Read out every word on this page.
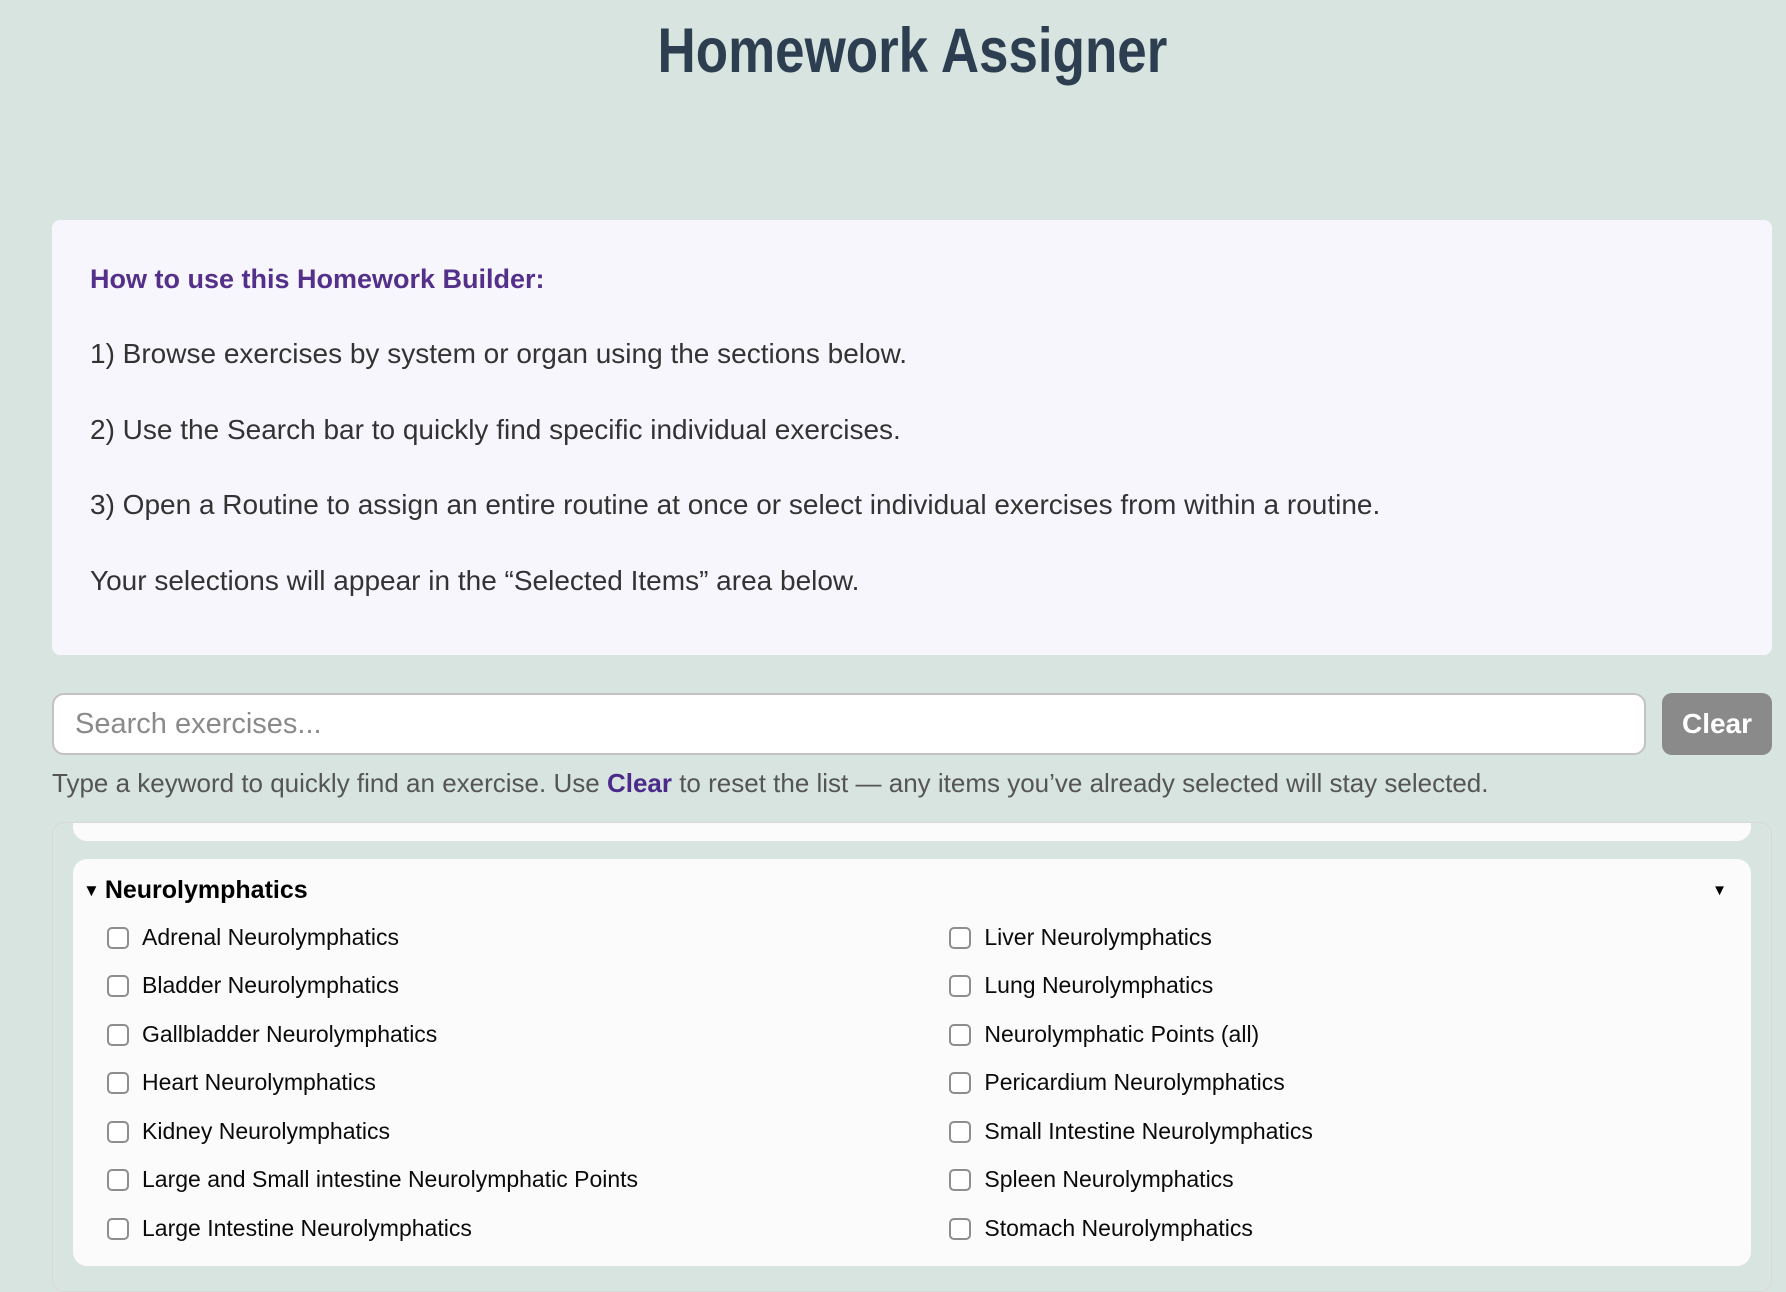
Homework Assigner
How to use this Homework Builder:

1) Browse exercises by system or organ using the sections below.

2) Use the Search bar to quickly find specific individual exercises.

3) Open a Routine to assign an entire routine at once or select individual exercises from within a routine.

Your selections will appear in the “Selected Items” area below.

Search exercises...
Clear
Type a keyword to quickly find an exercise. Use Clear to reset the list — any items you’ve already selected will stay selected.
▼ Neurolymphatics	▼
Adrenal Neurolymphatics
Bladder Neurolymphatics
Gallbladder Neurolymphatics
Heart Neurolymphatics
Kidney Neurolymphatics
Large and Small intestine Neurolymphatic Points
Large Intestine Neurolymphatics
Liver Neurolymphatics
Lung Neurolymphatics
Neurolymphatic Points (all)
Pericardium Neurolymphatics
Small Intestine Neurolymphatics
Spleen Neurolymphatics
Stomach Neurolymphatics
